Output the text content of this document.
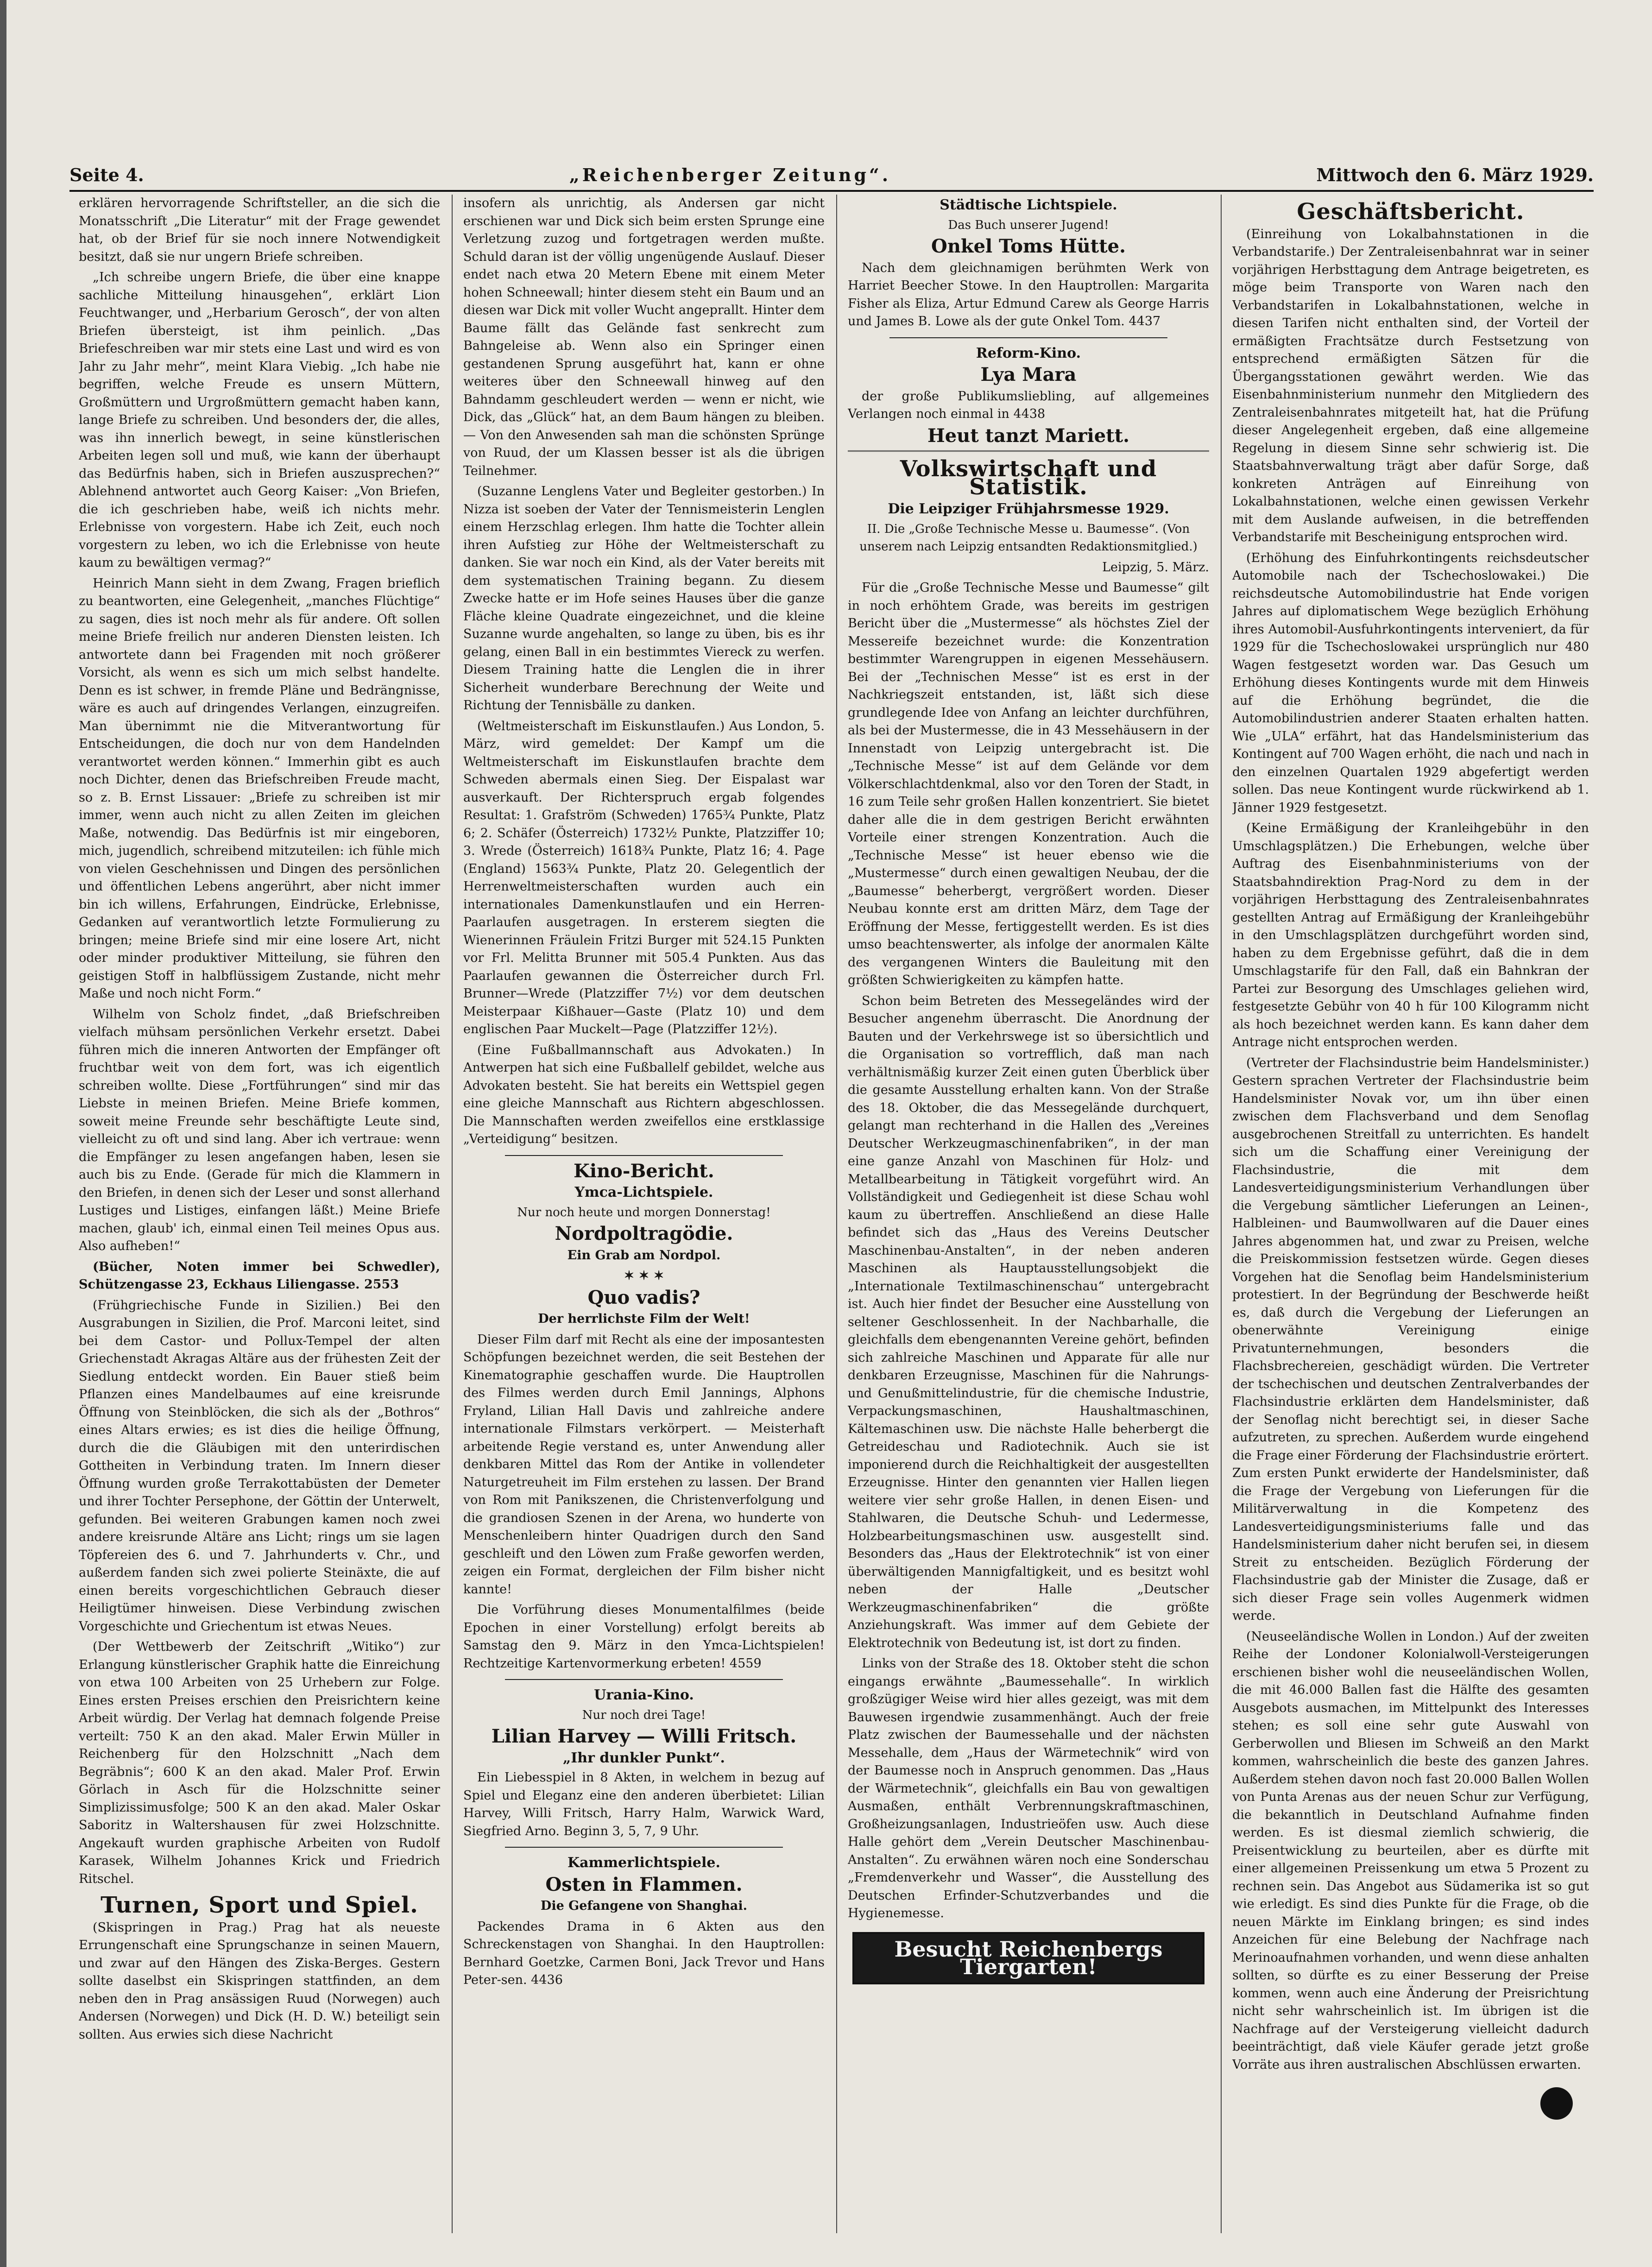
Seite 4.	„Reichenberger Zeitung“.	Mittwoch den 6. März 1929.

erklären hervorragende Schriftsteller, an die sich die Monatsschrift „Die Literatur“ mit der Frage gewendet hat, ob der Brief für sie noch innere Notwendigkeit besitzt, daß sie nur ungern Briefe schreiben.

„Ich schreibe ungern Briefe, die über eine knappe sachliche Mitteilung hinausgehen“, erklärt Lion Feuchtwanger, und „Herbarium Gerosch“, der von alten Briefen übersteigt, ist ihm peinlich. „Das Briefeschreiben war mir stets eine Last und wird es von Jahr zu Jahr mehr“, meint Klara Viebig. „Ich habe nie begriffen, welche Freude es unsern Müttern, Großmüttern und Urgroßmüttern gemacht haben kann, lange Briefe zu schreiben. Und besonders der, die alles, was ihn innerlich bewegt, in seine künstlerischen Arbeiten legen soll und muß, wie kann der überhaupt das Bedürfnis haben, sich in Briefen auszusprechen?“ Ablehnend antwortet auch Georg Kaiser: „Von Briefen, die ich geschrieben habe, weiß ich nichts mehr. Erlebnisse von vorgestern. Habe ich Zeit, euch noch vorgestern zu leben, wo ich die Erlebnisse von heute kaum zu bewältigen vermag?“

Heinrich Mann sieht in dem Zwang, Fragen brieflich zu beantworten, eine Gelegenheit, „manches Flüchtige“ zu sagen, dies ist noch mehr als für andere. Oft sollen meine Briefe freilich nur anderen Diensten leisten. Ich antwortete dann bei Fragenden mit noch größerer Vorsicht, als wenn es sich um mich selbst handelte. Denn es ist schwer, in fremde Pläne und Bedrängnisse, wäre es auch auf dringendes Verlangen, einzugreifen. Man übernimmt nie die Mitverantwortung für Entscheidungen, die doch nur von dem Handelnden verantwortet werden können.“ Immerhin gibt es auch noch Dichter, denen das Briefschreiben Freude macht, so z. B. Ernst Lissauer: „Briefe zu schreiben ist mir immer, wenn auch nicht zu allen Zeiten im gleichen Maße, notwendig. Das Bedürfnis ist mir eingeboren, mich, jugendlich, schreibend mitzuteilen: ich fühle mich von vielen Geschehnissen und Dingen des persönlichen und öffentlichen Lebens angerührt, aber nicht immer bin ich willens, Erfahrungen, Eindrücke, Erlebnisse, Gedanken auf verantwortlich letzte Formulierung zu bringen; meine Briefe sind mir eine losere Art, nicht oder minder produktiver Mitteilung, sie führen den geistigen Stoff in halbflüssigem Zustande, nicht mehr Maße und noch nicht Form.“

Wilhelm von Scholz findet, „daß Briefschreiben vielfach mühsam persönlichen Verkehr ersetzt. Dabei führen mich die inneren Antworten der Empfänger oft fruchtbar weit von dem fort, was ich eigentlich schreiben wollte. Diese „Fortführungen“ sind mir das Liebste in meinen Briefen. Meine Briefe kommen, soweit meine Freunde sehr beschäftigte Leute sind, vielleicht zu oft und sind lang. Aber ich vertraue: wenn die Empfänger zu lesen angefangen haben, lesen sie auch bis zu Ende. (Gerade für mich die Klammern in den Briefen, in denen sich der Leser und sonst allerhand Lustiges und Listiges, einfangen läßt.) Meine Briefe machen, glaub' ich, einmal einen Teil meines Opus aus. Also aufheben!“

(Bücher, Noten immer bei Schwedler), Schützengasse 23, Eckhaus Liliengasse. 2553

(Frühgriechische Funde in Sizilien.) Bei den Ausgrabungen in Sizilien, die Prof. Marconi leitet, sind bei dem Castor- und Pollux-Tempel der alten Griechenstadt Akragas Altäre aus der frühesten Zeit der Siedlung entdeckt worden. Ein Bauer stieß beim Pflanzen eines Mandelbaumes auf eine kreisrunde Öffnung von Steinblöcken, die sich als der „Bothros“ eines Altars erwies; es ist dies die heilige Öffnung, durch die die Gläubigen mit den unterirdischen Gottheiten in Verbindung traten. Im Innern dieser Öffnung wurden große Terrakottabüsten der Demeter und ihrer Tochter Persephone, der Göttin der Unterwelt, gefunden. Bei weiteren Grabungen kamen noch zwei andere kreisrunde Altäre ans Licht; rings um sie lagen Töpfereien des 6. und 7. Jahrhunderts v. Chr., und außerdem fanden sich zwei polierte Steinäxte, die auf einen bereits vorgeschichtlichen Gebrauch dieser Heiligtümer hinweisen. Diese Verbindung zwischen Vorgeschichte und Griechentum ist etwas Neues.

(Der Wettbewerb der Zeitschrift „Witiko“) zur Erlangung künstlerischer Graphik hatte die Einreichung von etwa 100 Arbeiten von 25 Urhebern zur Folge. Eines ersten Preises erschien den Preisrichtern keine Arbeit würdig. Der Verlag hat demnach folgende Preise verteilt: 750 K an den akad. Maler Erwin Müller in Reichenberg für den Holzschnitt „Nach dem Begräbnis“; 600 K an den akad. Maler Prof. Erwin Görlach in Asch für die Holzschnitte seiner Simplizissimusfolge; 500 K an den akad. Maler Oskar Saboritz in Waltershausen für zwei Holzschnitte. Angekauft wurden graphische Arbeiten von Rudolf Karasek, Wilhelm Johannes Krick und Friedrich Ritschel.

Turnen, Sport und Spiel.

(Skispringen in Prag.) Prag hat als neueste Errungenschaft eine Sprungschanze in seinen Mauern, und zwar auf den Hängen des Ziska-Berges. Gestern sollte daselbst ein Skispringen stattfinden, an dem neben den in Prag ansässigen Ruud (Norwegen) auch Andersen (Norwegen) und Dick (H. D. W.) beteiligt sein sollten. Aus erwies sich diese Nachricht

insofern als unrichtig, als Andersen gar nicht erschienen war und Dick sich beim ersten Sprunge eine Verletzung zuzog und fortgetragen werden mußte. Schuld daran ist der völlig ungenügende Auslauf. Dieser endet nach etwa 20 Metern Ebene mit einem Meter hohen Schneewall; hinter diesem steht ein Baum und an diesen war Dick mit voller Wucht angeprallt. Hinter dem Baume fällt das Gelände fast senkrecht zum Bahngeleise ab. Wenn also ein Springer einen gestandenen Sprung ausgeführt hat, kann er ohne weiteres über den Schneewall hinweg auf den Bahndamm geschleudert werden — wenn er nicht, wie Dick, das „Glück“ hat, an dem Baum hängen zu bleiben. — Von den Anwesenden sah man die schönsten Sprünge von Ruud, der um Klassen besser ist als die übrigen Teilnehmer.

(Suzanne Lenglens Vater und Begleiter gestorben.) In Nizza ist soeben der Vater der Tennismeisterin Lenglen einem Herzschlag erlegen. Ihm hatte die Tochter allein ihren Aufstieg zur Höhe der Weltmeisterschaft zu danken. Sie war noch ein Kind, als der Vater bereits mit dem systematischen Training begann. Zu diesem Zwecke hatte er im Hofe seines Hauses über die ganze Fläche kleine Quadrate eingezeichnet, und die kleine Suzanne wurde angehalten, so lange zu üben, bis es ihr gelang, einen Ball in ein bestimmtes Viereck zu werfen. Diesem Training hatte die Lenglen die in ihrer Sicherheit wunderbare Berechnung der Weite und Richtung der Tennisbälle zu danken.

(Weltmeisterschaft im Eiskunstlaufen.) Aus London, 5. März, wird gemeldet: Der Kampf um die Weltmeisterschaft im Eiskunstlaufen brachte dem Schweden abermals einen Sieg. Der Eispalast war ausverkauft. Der Richterspruch ergab folgendes Resultat: 1. Grafström (Schweden) 1765¾ Punkte, Platz 6; 2. Schäfer (Österreich) 1732½ Punkte, Platzziffer 10; 3. Wrede (Österreich) 1618¾ Punkte, Platz 16; 4. Page (England) 1563¾ Punkte, Platz 20. Gelegentlich der Herrenweltmeisterschaften wurden auch ein internationales Damenkunstlaufen und ein Herren-Paarlaufen ausgetragen. In ersterem siegten die Wienerinnen Fräulein Fritzi Burger mit 524.15 Punkten vor Frl. Melitta Brunner mit 505.4 Punkten. Aus das Paarlaufen gewannen die Österreicher durch Frl. Brunner—Wrede (Platzziffer 7½) vor dem deutschen Meisterpaar Kißhauer—Gaste (Platz 10) und dem englischen Paar Muckelt—Page (Platzziffer 12½).

(Eine Fußballmannschaft aus Advokaten.) In Antwerpen hat sich eine Fußballelf gebildet, welche aus Advokaten besteht. Sie hat bereits ein Wettspiel gegen eine gleiche Mannschaft aus Richtern abgeschlossen. Die Mannschaften werden zweifellos eine erstklassige „Verteidigung“ besitzen.

Kino-Bericht.
Ymca-Lichtspiele.

Nur noch heute und morgen Donnerstag!

Nordpoltragödie.

Ein Grab am Nordpol.

✶ ✶ ✶

Quo vadis?

Der herrlichste Film der Welt!

Dieser Film darf mit Recht als eine der imposantesten Schöpfungen bezeichnet werden, die seit Bestehen der Kinematographie geschaffen wurde. Die Hauptrollen des Filmes werden durch Emil Jannings, Alphons Fryland, Lilian Hall Davis und zahlreiche andere internationale Filmstars verkörpert. — Meisterhaft arbeitende Regie verstand es, unter Anwendung aller denkbaren Mittel das Rom der Antike in vollendeter Naturgetreuheit im Film erstehen zu lassen. Der Brand von Rom mit Panikszenen, die Christenverfolgung und die grandiosen Szenen in der Arena, wo hunderte von Menschenleibern hinter Quadrigen durch den Sand geschleift und den Löwen zum Fraße geworfen werden, zeigen ein Format, dergleichen der Film bisher nicht kannte!

Die Vorführung dieses Monumentalfilmes (beide Epochen in einer Vorstellung) erfolgt bereits ab Samstag den 9. März in den Ymca-Lichtspielen! Rechtzeitige Kartenvormerkung erbeten! 4559

Urania-Kino.

Nur noch drei Tage!

Lilian Harvey — Willi Fritsch.
„Ihr dunkler Punkt“.

Ein Liebesspiel in 8 Akten, in welchem in bezug auf Spiel und Eleganz eine den anderen überbietet: Lilian Harvey, Willi Fritsch, Harry Halm, Warwick Ward, Siegfried Arno. Beginn 3, 5, 7, 9 Uhr.

Kammerlichtspiele.
Osten in Flammen.

Die Gefangene von Shanghai.

Packendes Drama in 6 Akten aus den Schreckenstagen von Shanghai. In den Hauptrollen: Bernhard Goetzke, Carmen Boni, Jack Trevor und Hans Peter-sen. 4436

Städtische Lichtspiele.

Das Buch unserer Jugend!

Onkel Toms Hütte.

Nach dem gleichnamigen berühmten Werk von Harriet Beecher Stowe. In den Hauptrollen: Margarita Fisher als Eliza, Artur Edmund Carew als George Harris und James B. Lowe als der gute Onkel Tom. 4437

Reform-Kino.
Lya Mara

der große Publikumsliebling, auf allgemeines Verlangen noch einmal in 4438

Heut tanzt Mariett.
Volkswirtschaft und Statistik.
Die Leipziger Frühjahrsmesse 1929.

II. Die „Große Technische Messe u. Baumesse“. (Von unserem nach Leipzig entsandten Redaktionsmitglied.)

Leipzig, 5. März.

Für die „Große Technische Messe und Baumesse“ gilt in noch erhöhtem Grade, was bereits im gestrigen Bericht über die „Mustermesse“ als höchstes Ziel der Messereife bezeichnet wurde: die Konzentration bestimmter Warengruppen in eigenen Messehäusern. Bei der „Technischen Messe“ ist es erst in der Nachkriegszeit entstanden, ist, läßt sich diese grundlegende Idee von Anfang an leichter durchführen, als bei der Mustermesse, die in 43 Messehäusern in der Innenstadt von Leipzig untergebracht ist. Die „Technische Messe“ ist auf dem Gelände vor dem Völkerschlachtdenkmal, also vor den Toren der Stadt, in 16 zum Teile sehr großen Hallen konzentriert. Sie bietet daher alle die in dem gestrigen Bericht erwähnten Vorteile einer strengen Konzentration. Auch die „Technische Messe“ ist heuer ebenso wie die „Mustermesse“ durch einen gewaltigen Neubau, der die „Baumesse“ beherbergt, vergrößert worden. Dieser Neubau konnte erst am dritten März, dem Tage der Eröffnung der Messe, fertiggestellt werden. Es ist dies umso beachtenswerter, als infolge der anormalen Kälte des vergangenen Winters die Bauleitung mit den größten Schwierigkeiten zu kämpfen hatte.

Schon beim Betreten des Messegeländes wird der Besucher angenehm überrascht. Die Anordnung der Bauten und der Verkehrswege ist so übersichtlich und die Organisation so vortrefflich, daß man nach verhältnismäßig kurzer Zeit einen guten Überblick über die gesamte Ausstellung erhalten kann. Von der Straße des 18. Oktober, die das Messegelände durchquert, gelangt man rechterhand in die Hallen des „Vereines Deutscher Werkzeugmaschinenfabriken“, in der man eine ganze Anzahl von Maschinen für Holz- und Metallbearbeitung in Tätigkeit vorgeführt wird. An Vollständigkeit und Gediegenheit ist diese Schau wohl kaum zu übertreffen. Anschließend an diese Halle befindet sich das „Haus des Vereins Deutscher Maschinenbau-Anstalten“, in der neben anderen Maschinen als Hauptausstellungsobjekt die „Internationale Textilmaschinenschau“ untergebracht ist. Auch hier findet der Besucher eine Ausstellung von seltener Geschlossenheit. In der Nachbarhalle, die gleichfalls dem ebengenannten Vereine gehört, befinden sich zahlreiche Maschinen und Apparate für alle nur denkbaren Erzeugnisse, Maschinen für die Nahrungs- und Genußmittelindustrie, für die chemische Industrie, Verpackungsmaschinen, Haushaltmaschinen, Kältemaschinen usw. Die nächste Halle beherbergt die Getreideschau und Radiotechnik. Auch sie ist imponierend durch die Reichhaltigkeit der ausgestellten Erzeugnisse. Hinter den genannten vier Hallen liegen weitere vier sehr große Hallen, in denen Eisen- und Stahlwaren, die Deutsche Schuh- und Ledermesse, Holzbearbeitungsmaschinen usw. ausgestellt sind. Besonders das „Haus der Elektrotechnik“ ist von einer überwältigenden Mannigfaltigkeit, und es besitzt wohl neben der Halle „Deutscher Werkzeugmaschinenfabriken“ die größte Anziehungskraft. Was immer auf dem Gebiete der Elektrotechnik von Bedeutung ist, ist dort zu finden.

Links von der Straße des 18. Oktober steht die schon eingangs erwähnte „Baumessehalle“. In wirklich großzügiger Weise wird hier alles gezeigt, was mit dem Bauwesen irgendwie zusammenhängt. Auch der freie Platz zwischen der Baumessehalle und der nächsten Messehalle, dem „Haus der Wärmetechnik“ wird von der Baumesse noch in Anspruch genommen. Das „Haus der Wärmetechnik“, gleichfalls ein Bau von gewaltigen Ausmaßen, enthält Verbrennungskraftmaschinen, Großheizungsanlagen, Industrieöfen usw. Auch diese Halle gehört dem „Verein Deutscher Maschinenbau-Anstalten“. Zu erwähnen wären noch eine Sonderschau „Fremdenverkehr und Wasser“, die Ausstellung des Deutschen Erfinder-Schutzverbandes und die Hygienemesse.

Besucht Reichenbergs Tiergarten!
Geschäftsbericht.

(Einreihung von Lokalbahnstationen in die Verbandstarife.) Der Zentraleisenbahnrat war in seiner vorjährigen Herbsttagung dem Antrage beigetreten, es möge beim Transporte von Waren nach den Verbandstarifen in Lokalbahnstationen, welche in diesen Tarifen nicht enthalten sind, der Vorteil der ermäßigten Frachtsätze durch Festsetzung von entsprechend ermäßigten Sätzen für die Übergangsstationen gewährt werden. Wie das Eisenbahnministerium nunmehr den Mitgliedern des Zentraleisenbahnrates mitgeteilt hat, hat die Prüfung dieser Angelegenheit ergeben, daß eine allgemeine Regelung in diesem Sinne sehr schwierig ist. Die Staatsbahnverwaltung trägt aber dafür Sorge, daß konkreten Anträgen auf Einreihung von Lokalbahnstationen, welche einen gewissen Verkehr mit dem Auslande aufweisen, in die betreffenden Verbandstarife mit Bescheinigung entsprochen wird.

(Erhöhung des Einfuhrkontingents reichsdeutscher Automobile nach der Tschechoslowakei.) Die reichsdeutsche Automobilindustrie hat Ende vorigen Jahres auf diplomatischem Wege bezüglich Erhöhung ihres Automobil-Ausfuhrkontingents interveniert, da für 1929 für die Tschechoslowakei ursprünglich nur 480 Wagen festgesetzt worden war. Das Gesuch um Erhöhung dieses Kontingents wurde mit dem Hinweis auf die Erhöhung begründet, die die Automobilindustrien anderer Staaten erhalten hatten. Wie „ULA“ erfährt, hat das Handelsministerium das Kontingent auf 700 Wagen erhöht, die nach und nach in den einzelnen Quartalen 1929 abgefertigt werden sollen. Das neue Kontingent wurde rückwirkend ab 1. Jänner 1929 festgesetzt.

(Keine Ermäßigung der Kranleihgebühr in den Umschlagsplätzen.) Die Erhebungen, welche über Auftrag des Eisenbahnministeriums von der Staatsbahndirektion Prag-Nord zu dem in der vorjährigen Herbsttagung des Zentraleisenbahnrates gestellten Antrag auf Ermäßigung der Kranleihgebühr in den Umschlagsplätzen durchgeführt worden sind, haben zu dem Ergebnisse geführt, daß die in dem Umschlagstarife für den Fall, daß ein Bahnkran der Partei zur Besorgung des Umschlages geliehen wird, festgesetzte Gebühr von 40 h für 100 Kilogramm nicht als hoch bezeichnet werden kann. Es kann daher dem Antrage nicht entsprochen werden.

(Vertreter der Flachsindustrie beim Handelsminister.) Gestern sprachen Vertreter der Flachsindustrie beim Handelsminister Novak vor, um ihn über einen zwischen dem Flachsverband und dem Senoflag ausgebrochenen Streitfall zu unterrichten. Es handelt sich um die Schaffung einer Vereinigung der Flachsindustrie, die mit dem Landesverteidigungsministerium Verhandlungen über die Vergebung sämtlicher Lieferungen an Leinen-, Halbleinen- und Baumwollwaren auf die Dauer eines Jahres abgenommen hat, und zwar zu Preisen, welche die Preiskommission festsetzen würde. Gegen dieses Vorgehen hat die Senoflag beim Handelsministerium protestiert. In der Begründung der Beschwerde heißt es, daß durch die Vergebung der Lieferungen an obenerwähnte Vereinigung einige Privatunternehmungen, besonders die Flachsbrechereien, geschädigt würden. Die Vertreter der tschechischen und deutschen Zentralverbandes der Flachsindustrie erklärten dem Handelsminister, daß der Senoflag nicht berechtigt sei, in dieser Sache aufzutreten, zu sprechen. Außerdem wurde eingehend die Frage einer Förderung der Flachsindustrie erörtert. Zum ersten Punkt erwiderte der Handelsminister, daß die Frage der Vergebung von Lieferungen für die Militärverwaltung in die Kompetenz des Landesverteidigungsministeriums falle und das Handelsministerium daher nicht berufen sei, in diesem Streit zu entscheiden. Bezüglich Förderung der Flachsindustrie gab der Minister die Zusage, daß er sich dieser Frage sein volles Augenmerk widmen werde.

(Neuseeländische Wollen in London.) Auf der zweiten Reihe der Londoner Kolonialwoll-Versteigerungen erschienen bisher wohl die neuseeländischen Wollen, die mit 46.000 Ballen fast die Hälfte des gesamten Ausgebots ausmachen, im Mittelpunkt des Interesses stehen; es soll eine sehr gute Auswahl von Gerberwollen und Bliesen im Schweiß an den Markt kommen, wahrscheinlich die beste des ganzen Jahres. Außerdem stehen davon noch fast 20.000 Ballen Wollen von Punta Arenas aus der neuen Schur zur Verfügung, die bekanntlich in Deutschland Aufnahme finden werden. Es ist diesmal ziemlich schwierig, die Preisentwicklung zu beurteilen, aber es dürfte mit einer allgemeinen Preissenkung um etwa 5 Prozent zu rechnen sein. Das Angebot aus Südamerika ist so gut wie erledigt. Es sind dies Punkte für die Frage, ob die neuen Märkte im Einklang bringen; es sind indes Anzeichen für eine Belebung der Nachfrage nach Merinoaufnahmen vorhanden, und wenn diese anhalten sollten, so dürfte es zu einer Besserung der Preise kommen, wenn auch eine Änderung der Preisrichtung nicht sehr wahrscheinlich ist. Im übrigen ist die Nachfrage auf der Versteigerung vielleicht dadurch beeinträchtigt, daß viele Käufer gerade jetzt große Vorräte aus ihren australischen Abschlüssen erwarten.
